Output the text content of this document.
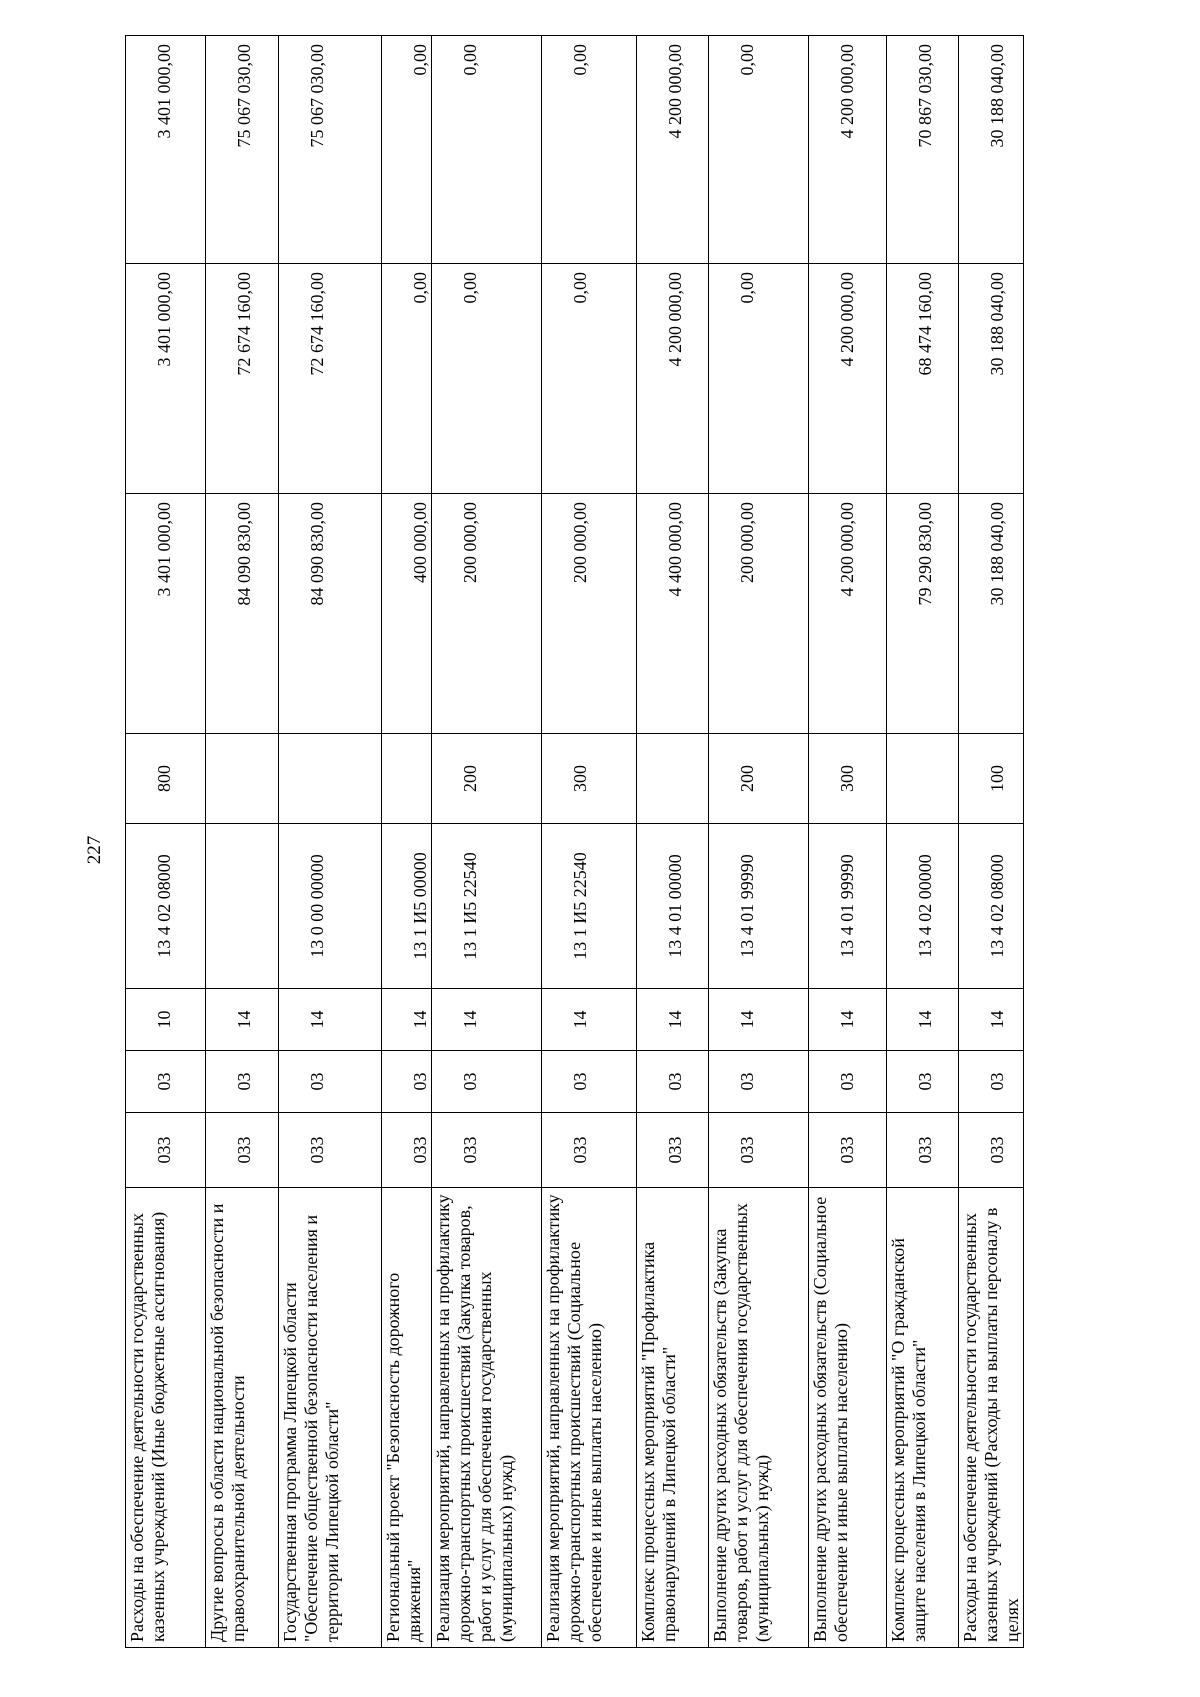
227
Расходы на обеспечение деятельности государственных казенных учреждений (Иные бюджетные ассигнования)	033	03	10	13 4 02 08000	800	3 401 000,00	3 401 000,00	3 401 000,00
Другие вопросы в области национальной безопасности и правоохранительной деятельности	033	03	14			84 090 830,00	72 674 160,00	75 067 030,00
Государственная программа Липецкой области "Обеспечение общественной безопасности населения и территории Липецкой области"	033	03	14	13 0 00 00000		84 090 830,00	72 674 160,00	75 067 030,00
Региональный проект "Безопасность дорожного движения"	033	03	14	13 1 И5 00000		400 000,00	0,00	0,00
Реализация мероприятий, направленных на профилактику дорожно-транспортных происшествий (Закупка товаров, работ и услуг для обеспечения государственных (муниципальных) нужд)	033	03	14	13 1 И5 22540	200	200 000,00	0,00	0,00
Реализация мероприятий, направленных на профилактику дорожно-транспортных происшествий (Социальное обеспечение и иные выплаты населению)	033	03	14	13 1 И5 22540	300	200 000,00	0,00	0,00
Комплекс процессных мероприятий "Профилактика правонарушений в Липецкой области"	033	03	14	13 4 01 00000		4 400 000,00	4 200 000,00	4 200 000,00
Выполнение других расходных обязательств (Закупка товаров, работ и услуг для обеспечения государственных (муниципальных) нужд)	033	03	14	13 4 01 99990	200	200 000,00	0,00	0,00
Выполнение других расходных обязательств (Социальное обеспечение и иные выплаты населению)	033	03	14	13 4 01 99990	300	4 200 000,00	4 200 000,00	4 200 000,00
Комплекс процессных мероприятий "О гражданской защите населения в Липецкой области"	033	03	14	13 4 02 00000		79 290 830,00	68 474 160,00	70 867 030,00
Расходы на обеспечение деятельности государственных казенных учреждений (Расходы на выплаты персоналу в целях	033	03	14	13 4 02 08000	100	30 188 040,00	30 188 040,00	30 188 040,00
